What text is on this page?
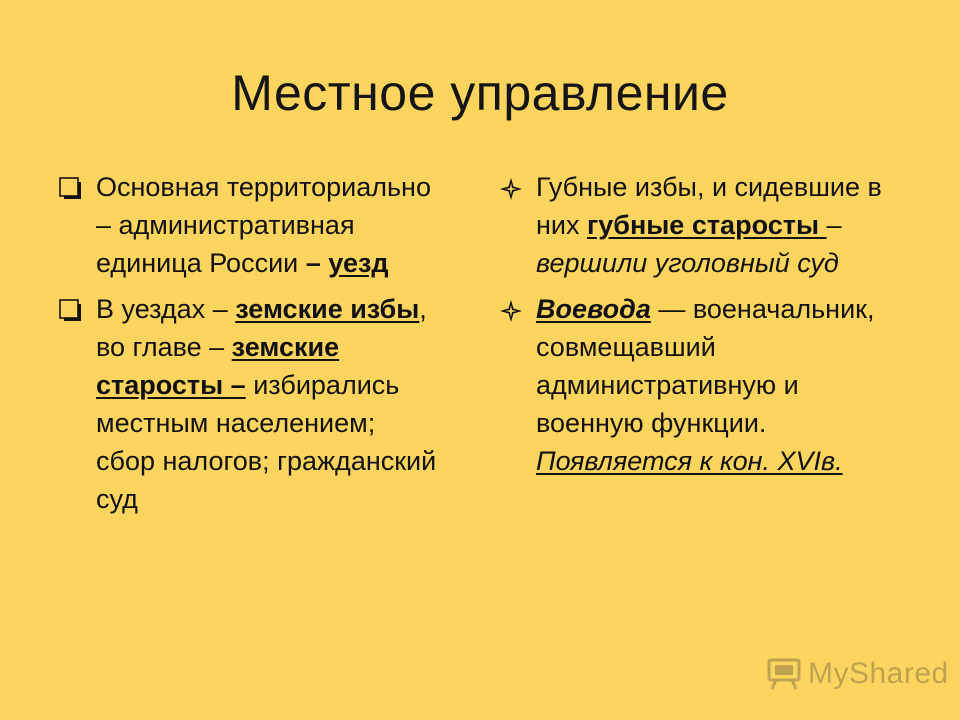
Местное управление
Основная территориально – административная единица России – уезд
В уездах – земские избы, во главе – земские старосты – избирались местным населением; сбор налогов; гражданский суд
Губные избы, и сидевшие в них губные старосты – вершили уголовный суд
Воевода — военачальник, совмещавший административную и военную функции. Появляется к кон. XVIв.
MyShared
